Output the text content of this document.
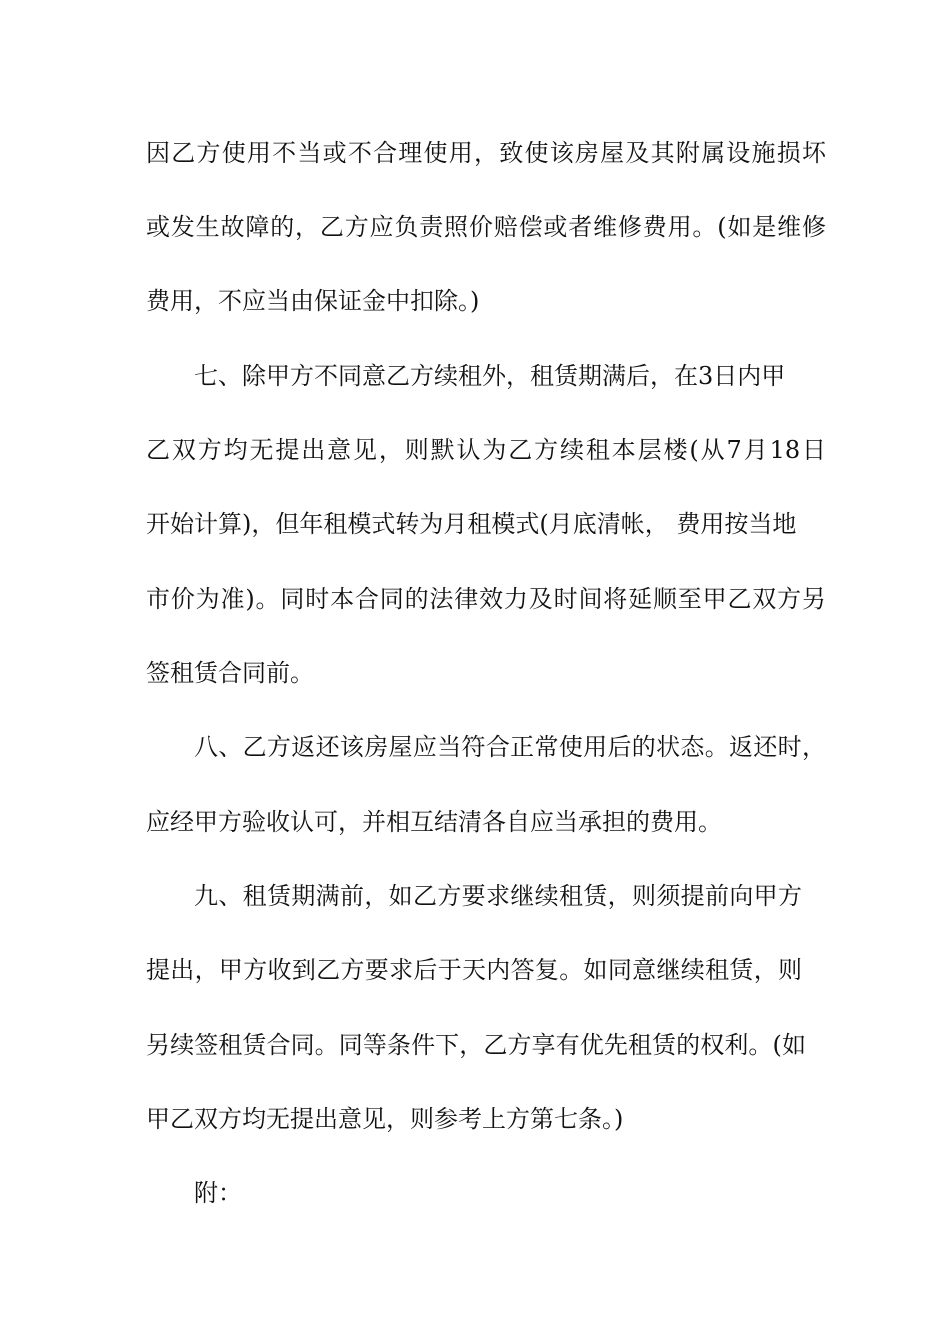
因乙方使用不当或不合理使用，致使该房屋及其附属设施损坏
或发生故障的，乙方应负责照价赔偿或者维修费用。(如是维修
费用，不应当由保证金中扣除。)
七、除甲方不同意乙方续租外，租赁期满后，在3日内甲
乙双方均无提出意见，则默认为乙方续租本层楼(从7月18日
开始计算)，但年租模式转为月租模式(月底清帐， 费用按当地
市价为准)。同时本合同的法律效力及时间将延顺至甲乙双方另
签租赁合同前。
八、乙方返还该房屋应当符合正常使用后的状态。返还时，
应经甲方验收认可，并相互结清各自应当承担的费用。
九、租赁期满前，如乙方要求继续租赁，则须提前向甲方
提出，甲方收到乙方要求后于天内答复。如同意继续租赁，则
另续签租赁合同。同等条件下，乙方享有优先租赁的权利。(如
甲乙双方均无提出意见，则参考上方第七条。)
附：
